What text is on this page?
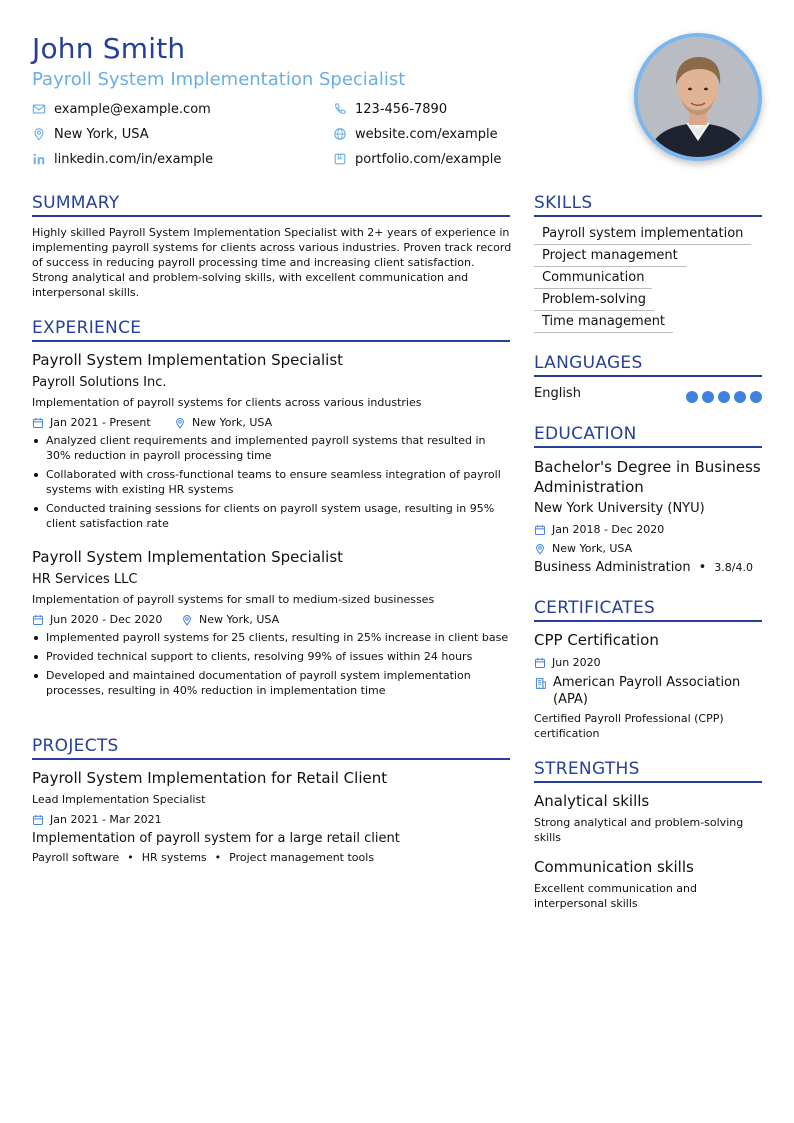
John Smith
Payroll System Implementation Specialist
example@example.com	123-456-7890
New York, USA	website.com/example
linkedin.com/in/example	portfolio.com/example
SUMMARY
Highly skilled Payroll System Implementation Specialist with 2+ years of experience in implementing payroll systems for clients across various industries. Proven track record of success in reducing payroll processing time and increasing client satisfaction. Strong analytical and problem-solving skills, with excellent communication and interpersonal skills.
EXPERIENCE
Payroll System Implementation Specialist
Payroll Solutions Inc.
Implementation of payroll systems for clients across various industries
Jan 2021 - Present	New York, USA
Analyzed client requirements and implemented payroll systems that resulted in 30% reduction in payroll processing time
Collaborated with cross-functional teams to ensure seamless integration of payroll systems with existing HR systems
Conducted training sessions for clients on payroll system usage, resulting in 95% client satisfaction rate
Payroll System Implementation Specialist
HR Services LLC
Implementation of payroll systems for small to medium-sized businesses
Jun 2020 - Dec 2020	New York, USA
Implemented payroll systems for 25 clients, resulting in 25% increase in client base
Provided technical support to clients, resolving 99% of issues within 24 hours
Developed and maintained documentation of payroll system implementation processes, resulting in 40% reduction in implementation time
PROJECTS
Payroll System Implementation for Retail Client
Lead Implementation Specialist
Jan 2021 - Mar 2021
Implementation of payroll system for a large retail client
Payroll software • HR systems • Project management tools
SKILLS
Payroll system implementation
Project management
Communication
Problem-solving
Time management
LANGUAGES
English
EDUCATION
Bachelor's Degree in Business Administration
New York University (NYU)
Jan 2018 - Dec 2020
New York, USA
Business Administration • 3.8/4.0
CERTIFICATES
CPP Certification
Jun 2020
American Payroll Association (APA)
Certified Payroll Professional (CPP) certification
STRENGTHS
Analytical skills
Strong analytical and problem-solving skills
Communication skills
Excellent communication and interpersonal skills
